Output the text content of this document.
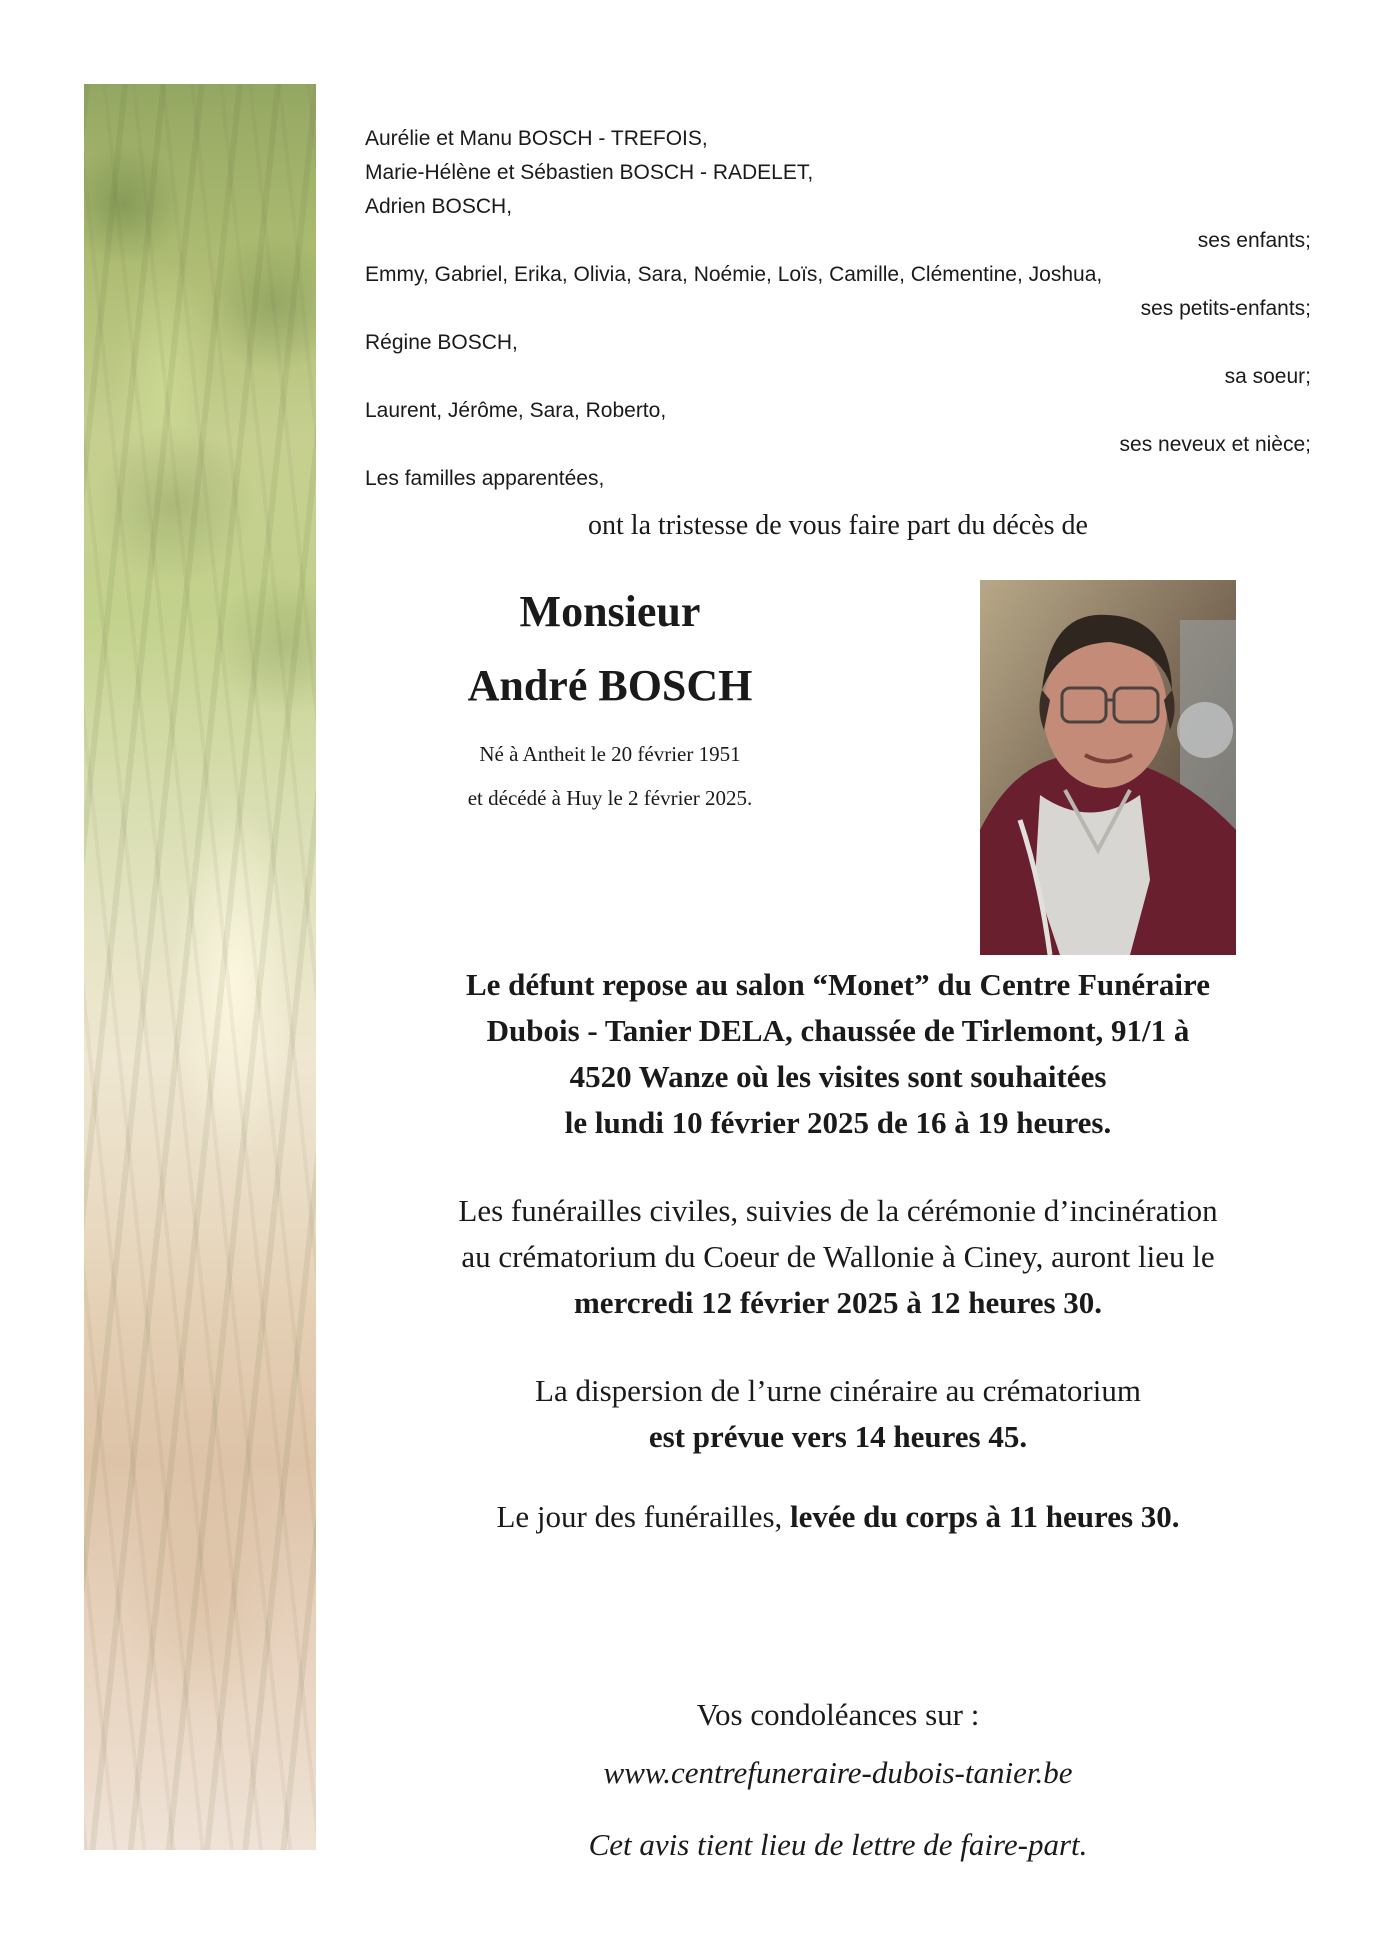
Aurélie et Manu BOSCH - TREFOIS,

Marie-Hélène et Sébastien BOSCH - RADELET,

Adrien BOSCH,

ses enfants;

Emmy, Gabriel, Erika, Olivia, Sara, Noémie, Loïs, Camille, Clémentine, Joshua,

ses petits-enfants;

Régine BOSCH,

sa soeur;

Laurent, Jérôme, Sara, Roberto,

ses neveux et nièce;

Les familles apparentées,

ont la tristesse de vous faire part du décès de

Monsieur

André BOSCH

Né à Antheit le 20 février 1951
et décédé à Huy le 2 février 2025.

Le défunt repose au salon “Monet” du Centre Funéraire

Dubois - Tanier DELA, chaussée de Tirlemont, 91/1 à

4520 Wanze où les visites sont souhaitées

le lundi 10 février 2025 de 16 à 19 heures.

Les funérailles civiles, suivies de la cérémonie d’incinération

au crématorium du Coeur de Wallonie à Ciney, auront lieu le

mercredi 12 février 2025 à 12 heures 30.

La dispersion de l’urne cinéraire au crématorium

est prévue vers 14 heures 45.

Le jour des funérailles, levée du corps à 11 heures 30.

Vos condoléances sur :

www.centrefuneraire-dubois-tanier.be

Cet avis tient lieu de lettre de faire-part.
